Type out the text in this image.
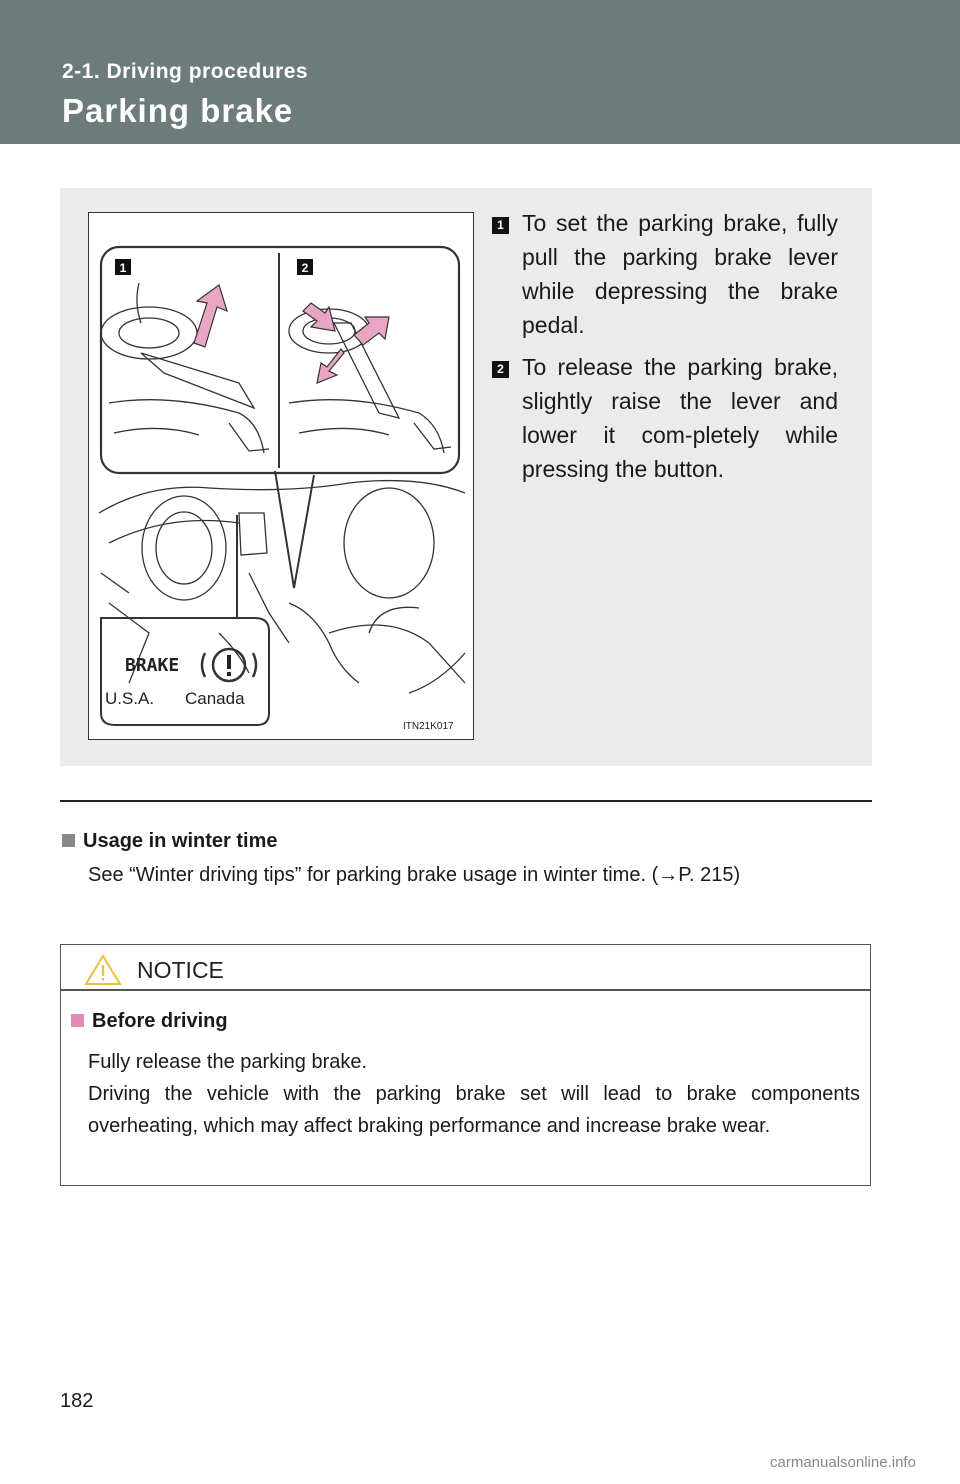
2-1. Driving procedures
Parking brake
1	2
BRAKE
U.S.A. Canada
ITN21K017
1 To set the parking brake, fully pull the parking brake lever while depressing the brake pedal.
2 To release the parking brake, slightly raise the lever and lower it com-pletely while pressing the button.
Usage in winter time
See “Winter driving tips” for parking brake usage in winter time. (→P. 215)
NOTICE
Before driving

Fully release the parking brake.

Driving the vehicle with the parking brake set will lead to brake components overheating, which may affect braking performance and increase brake wear.

182
carmanualsonline.info
